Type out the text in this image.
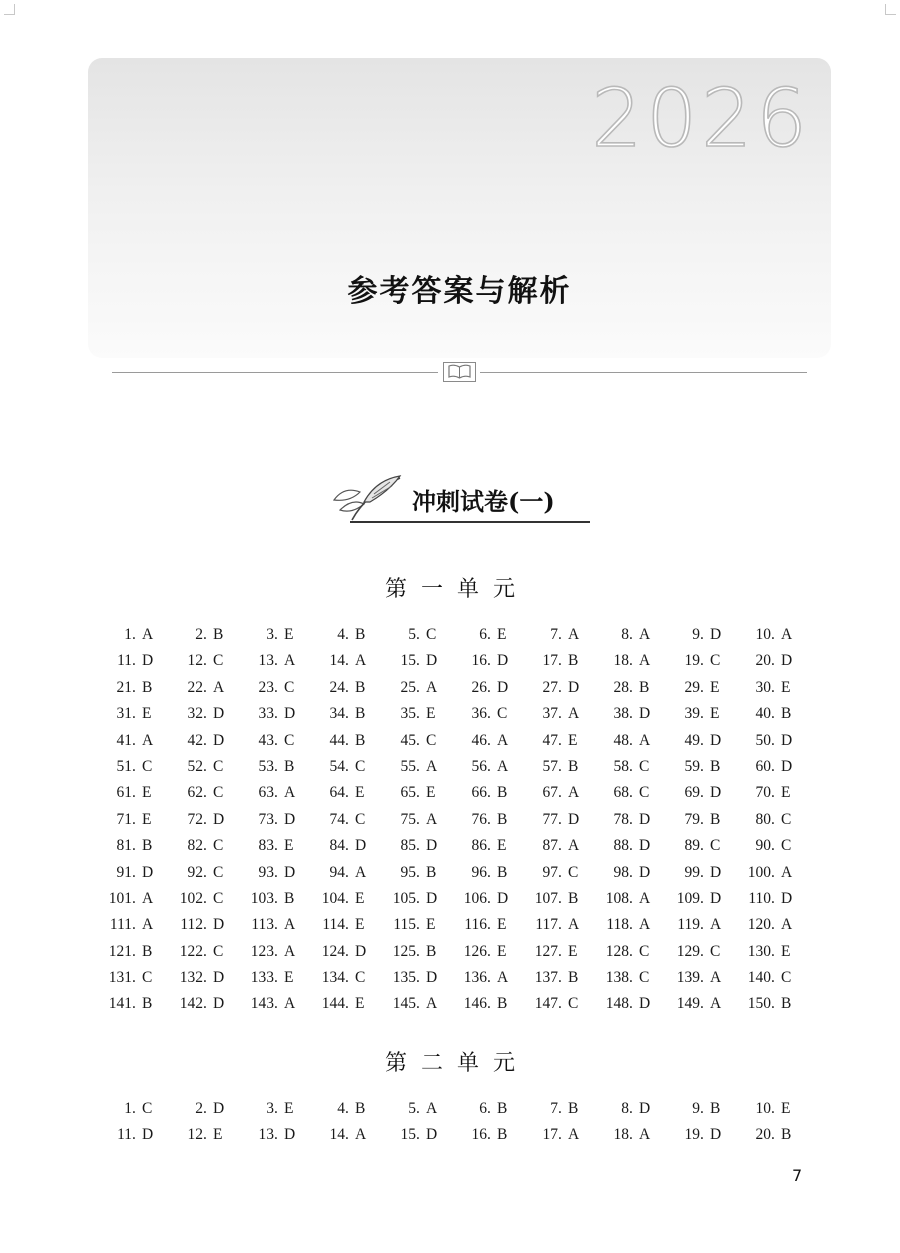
2026
参考答案与解析
冲刺试卷(一)
第一单元
1. A	2. B	3. E	4. B	5. C	6. E	7. A	8. A	9. D	10. A
11. D	12. C	13. A	14. A	15. D	16. D	17. B	18. A	19. C	20. D
21. B	22. A	23. C	24. B	25. A	26. D	27. D	28. B	29. E	30. E
31. E	32. D	33. D	34. B	35. E	36. C	37. A	38. D	39. E	40. B
41. A	42. D	43. C	44. B	45. C	46. A	47. E	48. A	49. D	50. D
51. C	52. C	53. B	54. C	55. A	56. A	57. B	58. C	59. B	60. D
61. E	62. C	63. A	64. E	65. E	66. B	67. A	68. C	69. D	70. E
71. E	72. D	73. D	74. C	75. A	76. B	77. D	78. D	79. B	80. C
81. B	82. C	83. E	84. D	85. D	86. E	87. A	88. D	89. C	90. C
91. D	92. C	93. D	94. A	95. B	96. B	97. C	98. D	99. D	100. A
101. A	102. C	103. B	104. E	105. D	106. D	107. B	108. A	109. D	110. D
111. A	112. D	113. A	114. E	115. E	116. E	117. A	118. A	119. A	120. A
121. B	122. C	123. A	124. D	125. B	126. E	127. E	128. C	129. C	130. E
131. C	132. D	133. E	134. C	135. D	136. A	137. B	138. C	139. A	140. C
141. B	142. D	143. A	144. E	145. A	146. B	147. C	148. D	149. A	150. B
第二单元
1. C	2. D	3. E	4. B	5. A	6. B	7. B	8. D	9. B	10. E
11. D	12. E	13. D	14. A	15. D	16. B	17. A	18. A	19. D	20. B
7
